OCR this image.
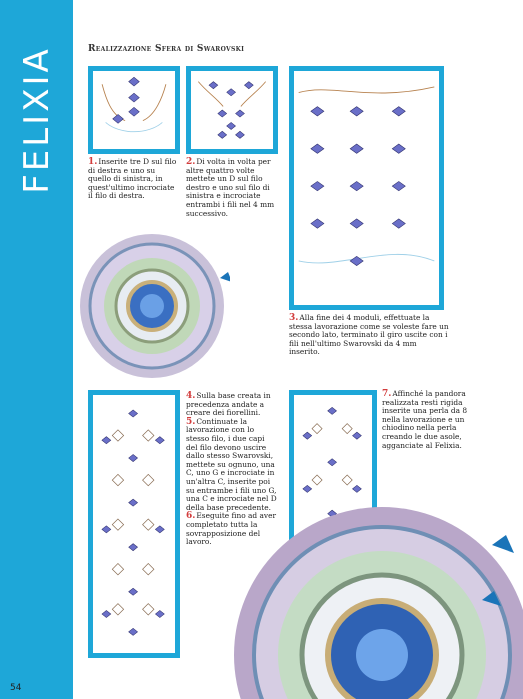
FELIXIA
54
Realizzazione Sfera di Swarovski
1.Inserite tre D sul filo di destra e uno su quello di sinistra, in quest'ultimo incrociate il filo di destra.
2.Di volta in volta per altre quattro volte mettete un D sul filo destro e uno sul filo di sinistra e incrociate entrambi i fili nel 4 mm successivo.
3.Alla fine dei 4 moduli, effettuate la stessa lavorazione come se voleste fare un secondo lato, terminato il giro uscite con i fili nell'ultimo Swarovski da 4 mm inserito.
4.Sulla base creata in precedenza andate a creare dei fiorellini.
5.Continuate la lavorazione con lo stesso filo, i due capi del filo devono uscire dallo stesso Swarovski, mettete su ognuno, una C, uno G e incrociate in un'altra C, inserite poi su entrambe i fili uno G, una C e incrociate nel D della base precedente.
6.Eseguite fino ad aver completato tutta la sovrapposizione del lavoro.
7.Affinché la pandora realizzata resti rigida inserite una perla da 8 nella lavorazione e un chiodino nella perla creando le due asole, agganciate al Felixia.
